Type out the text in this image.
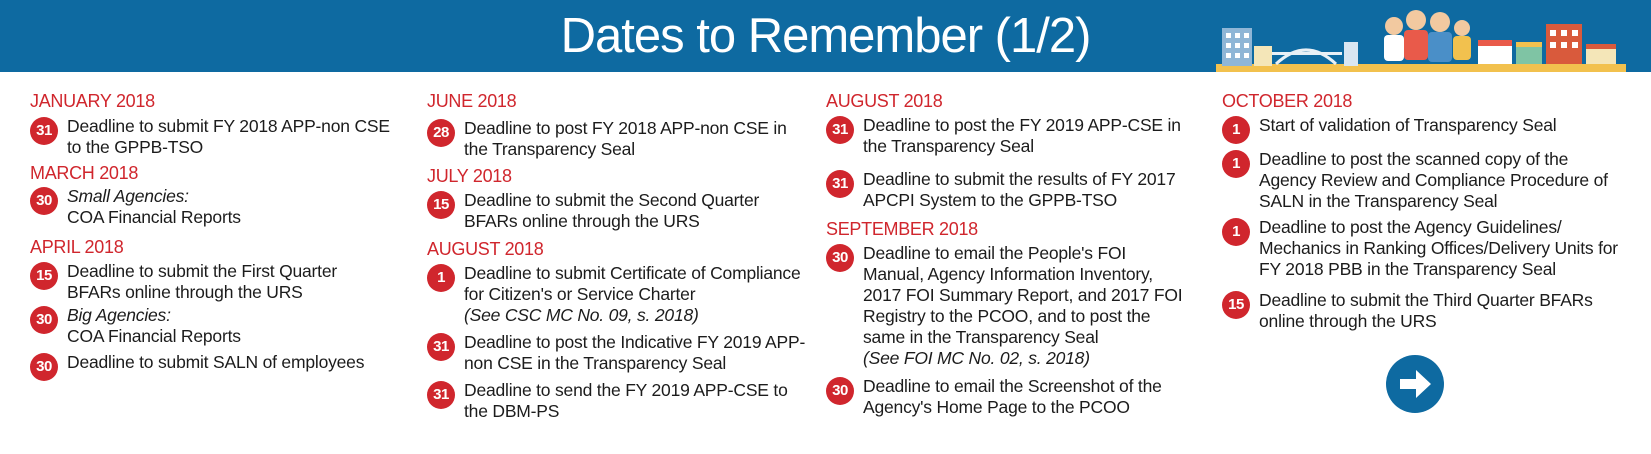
Dates to Remember (1/2)

JANUARY 2018

31 Deadline to submit FY 2018 APP-non CSE to the GPPB-TSO

MARCH 2018

30 Small Agencies:
COA Financial Reports

APRIL 2018

15 Deadline to submit the First Quarter BFARs online through the URS
30 Big Agencies:
COA Financial Reports
30 Deadline to submit SALN of employees

JUNE 2018

28 Deadline to post FY 2018 APP-non CSE in the Transparency Seal

JULY 2018

15 Deadline to submit the Second Quarter BFARs online through the URS

AUGUST 2018

1	Deadline to submit Certificate of Compliance for Citizen's or Service Charter
(See CSC MC No. 09, s. 2018)
31 Deadline to post the Indicative FY 2019 APP-non CSE in the Transparency Seal
31 Deadline to send the FY 2019 APP-CSE to the DBM-PS

AUGUST 2018

31 Deadline to post the FY 2019 APP-CSE in the Transparency Seal
31 Deadline to submit the results of FY 2017 APCPI System to the GPPB-TSO

SEPTEMBER 2018

30 Deadline to email the People's FOI Manual, Agency Information Inventory, 2017 FOI Summary Report, and 2017 FOI Registry to the PCOO, and to post the same in the Transparency Seal
(See FOI MC No. 02, s. 2018)
30 Deadline to email the Screenshot of the Agency's Home Page to the PCOO

OCTOBER 2018

1	Start of validation of Transparency Seal
1	Deadline to post the scanned copy of the Agency Review and Compliance Procedure of SALN in the Transparency Seal
1	Deadline to post the Agency Guidelines/ Mechanics in Ranking Offices/Delivery Units for FY 2018 PBB in the Transparency Seal
15 Deadline to submit the Third Quarter BFARs online through the URS
